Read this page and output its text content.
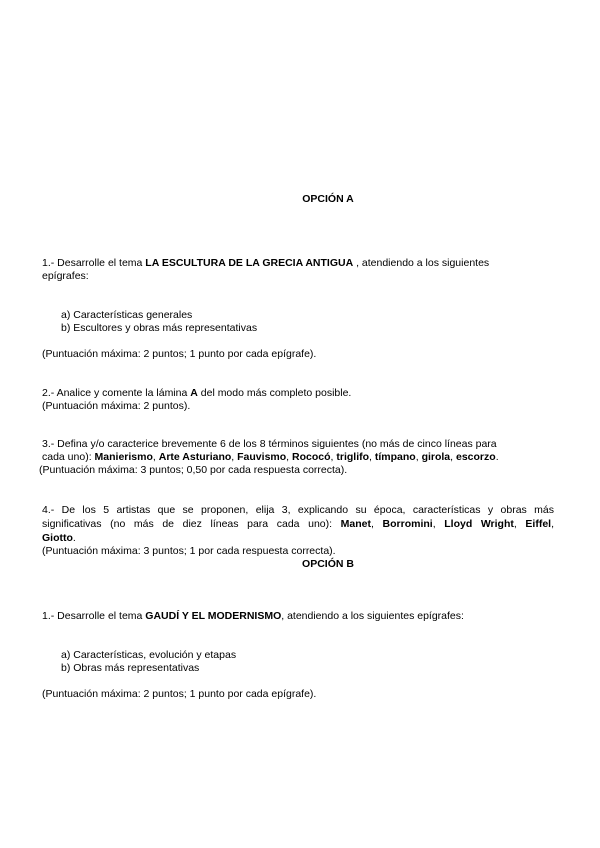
OPCIÓN A
1.- Desarrolle el tema LA ESCULTURA DE LA GRECIA ANTIGUA , atendiendo a los siguientes
epígrafes:
a) Características generales
b) Escultores y obras más representativas
(Puntuación máxima: 2 puntos; 1 punto por cada epígrafe).
2.- Analice y comente la lámina A del modo más completo posible.
(Puntuación máxima: 2 puntos).
3.- Defina y/o caracterice brevemente 6 de los 8 términos siguientes (no más de cinco líneas para
cada uno): Manierismo, Arte Asturiano, Fauvismo, Rococó, triglifo, tímpano, girola, escorzo.
(Puntuación máxima: 3 puntos; 0,50 por cada respuesta correcta).
4.- De los 5 artistas que se proponen, elija 3, explicando su época, características y obras más
significativas (no más de diez líneas para cada uno): Manet, Borromini, Lloyd Wright, Eiffel,
Giotto.
(Puntuación máxima: 3 puntos; 1 por cada respuesta correcta).
OPCIÓN B
1.- Desarrolle el tema GAUDÍ Y EL MODERNISMO, atendiendo a los siguientes epígrafes:
a) Características, evolución y etapas
b) Obras más representativas
(Puntuación máxima: 2 puntos; 1 punto por cada epígrafe).
